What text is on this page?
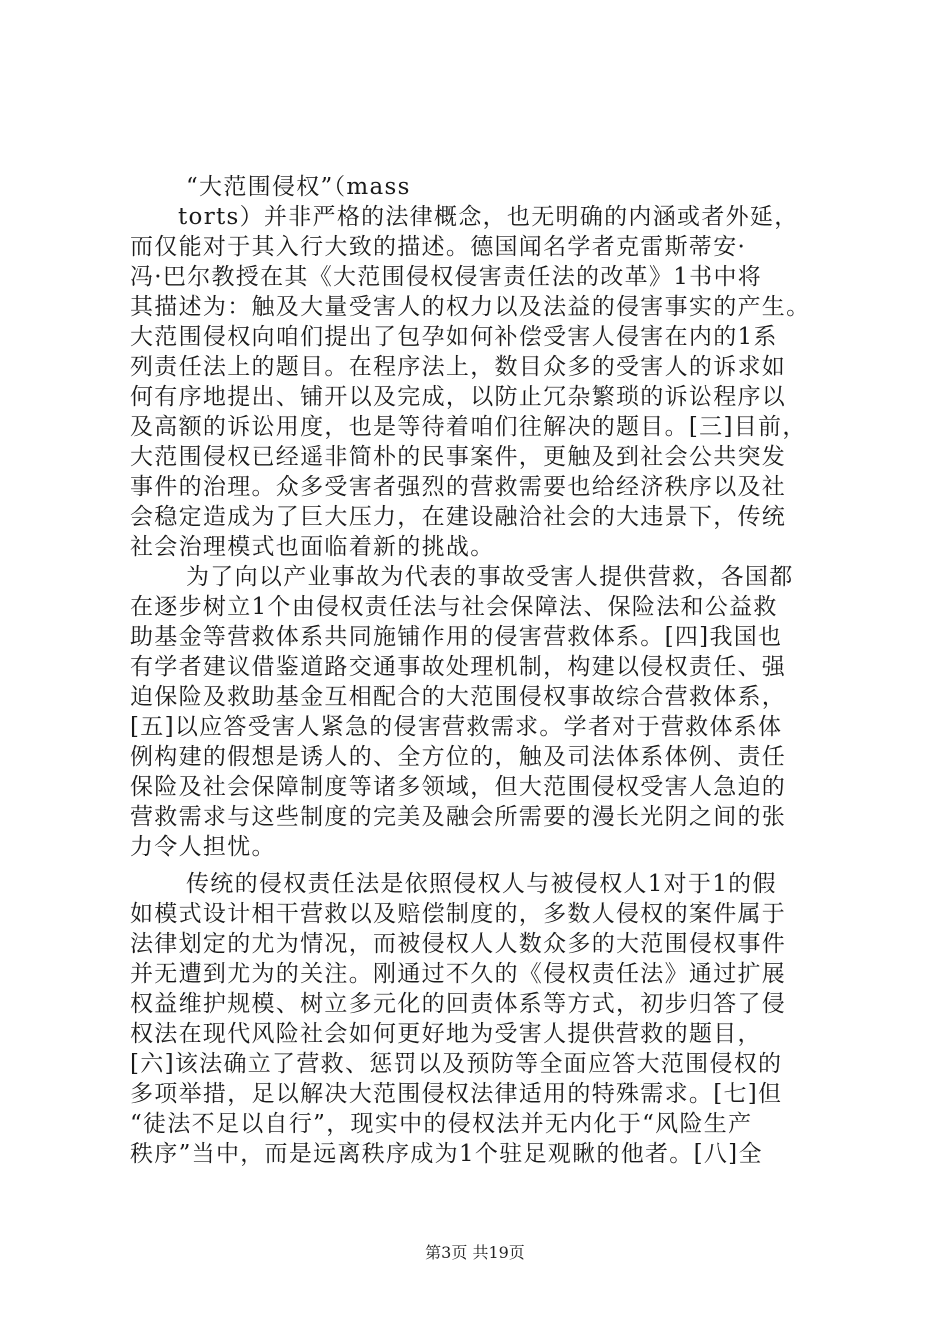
“大范围侵权”（mass
torts）并非严格的法律概念，也无明确的内涵或者外延，
而仅能对于其入行大致的描述。德国闻名学者克雷斯蒂安·
冯·巴尔教授在其《大范围侵权侵害责任法的改革》1书中将
其描述为：触及大量受害人的权力以及法益的侵害事实的产生。
大范围侵权向咱们提出了包孕如何补偿受害人侵害在内的1系
列责任法上的题目。在程序法上，数目众多的受害人的诉求如
何有序地提出、铺开以及完成，以防止冗杂繁琐的诉讼程序以
及高额的诉讼用度，也是等待着咱们往解决的题目。[三]目前，
大范围侵权已经遥非简朴的民事案件，更触及到社会公共突发
事件的治理。众多受害者强烈的营救需要也给经济秩序以及社
会稳定造成为了巨大压力，在建设融洽社会的大违景下，传统
社会治理模式也面临着新的挑战。
为了向以产业事故为代表的事故受害人提供营救，各国都
在逐步树立1个由侵权责任法与社会保障法、保险法和公益救
助基金等营救体系共同施铺作用的侵害营救体系。[四]我国也
有学者建议借鉴道路交通事故处理机制，构建以侵权责任、强
迫保险及救助基金互相配合的大范围侵权事故综合营救体系，
[五]以应答受害人紧急的侵害营救需求。学者对于营救体系体
例构建的假想是诱人的、全方位的，触及司法体系体例、责任
保险及社会保障制度等诸多领域，但大范围侵权受害人急迫的
营救需求与这些制度的完美及融会所需要的漫长光阴之间的张
力令人担忧。
传统的侵权责任法是依照侵权人与被侵权人1对于1的假
如模式设计相干营救以及赔偿制度的，多数人侵权的案件属于
法律划定的尤为情况，而被侵权人人数众多的大范围侵权事件
并无遭到尤为的关注。刚通过不久的《侵权责任法》通过扩展
权益维护规模、树立多元化的回责体系等方式，初步归答了侵
权法在现代风险社会如何更好地为受害人提供营救的题目，
[六]该法确立了营救、惩罚以及预防等全面应答大范围侵权的
多项举措，足以解决大范围侵权法律适用的特殊需求。[七]但
“徒法不足以自行”，现实中的侵权法并无内化于“风险生产
秩序”当中，而是远离秩序成为1个驻足观瞅的他者。[八]全
第3页 共19页
